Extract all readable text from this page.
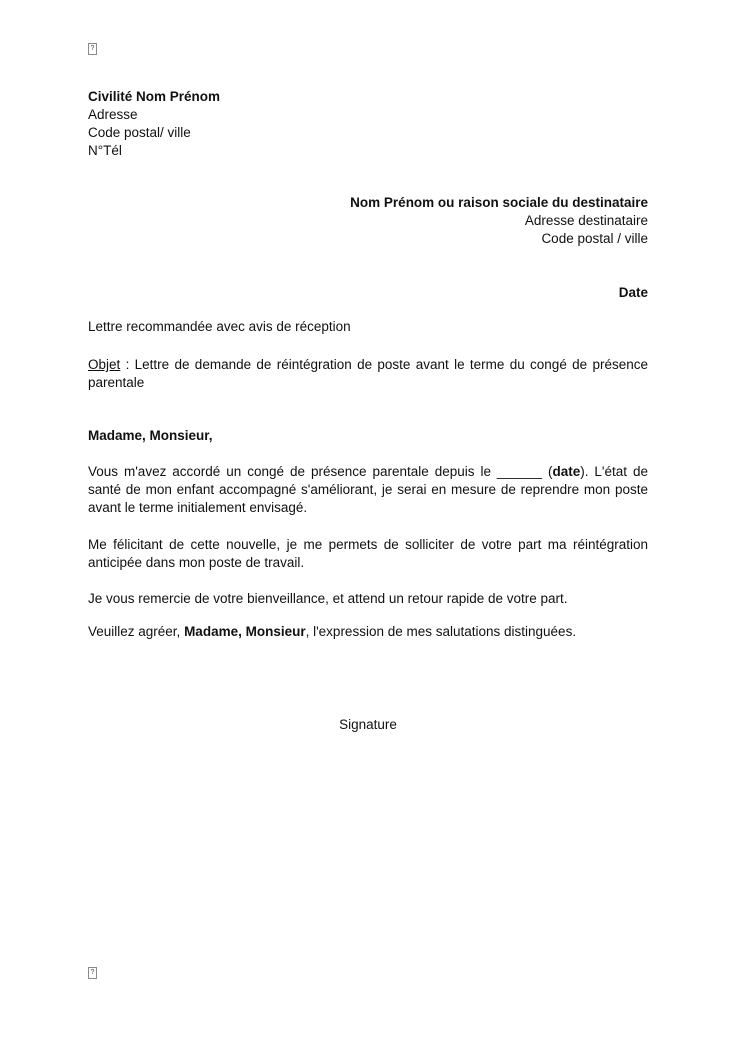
?

Civilité Nom Prénom

Adresse

Code postal/ ville

N°Tél

Nom Prénom ou raison sociale du destinataire

Adresse destinataire

Code postal / ville

Date

Lettre recommandée avec avis de réception

Objet : Lettre de demande de réintégration de poste avant le terme du congé de présence parentale

Madame, Monsieur,

Vous m'avez accordé un congé de présence parentale depuis le ______ (date). L'état de santé de mon enfant accompagné s'améliorant, je serai en mesure de reprendre mon poste avant le terme initialement envisagé.

Me félicitant de cette nouvelle, je me permets de solliciter de votre part ma réintégration anticipée dans mon poste de travail.

Je vous remercie de votre bienveillance, et attend un retour rapide de votre part.

Veuillez agréer, Madame, Monsieur, l'expression de mes salutations distinguées.

Signature

?
